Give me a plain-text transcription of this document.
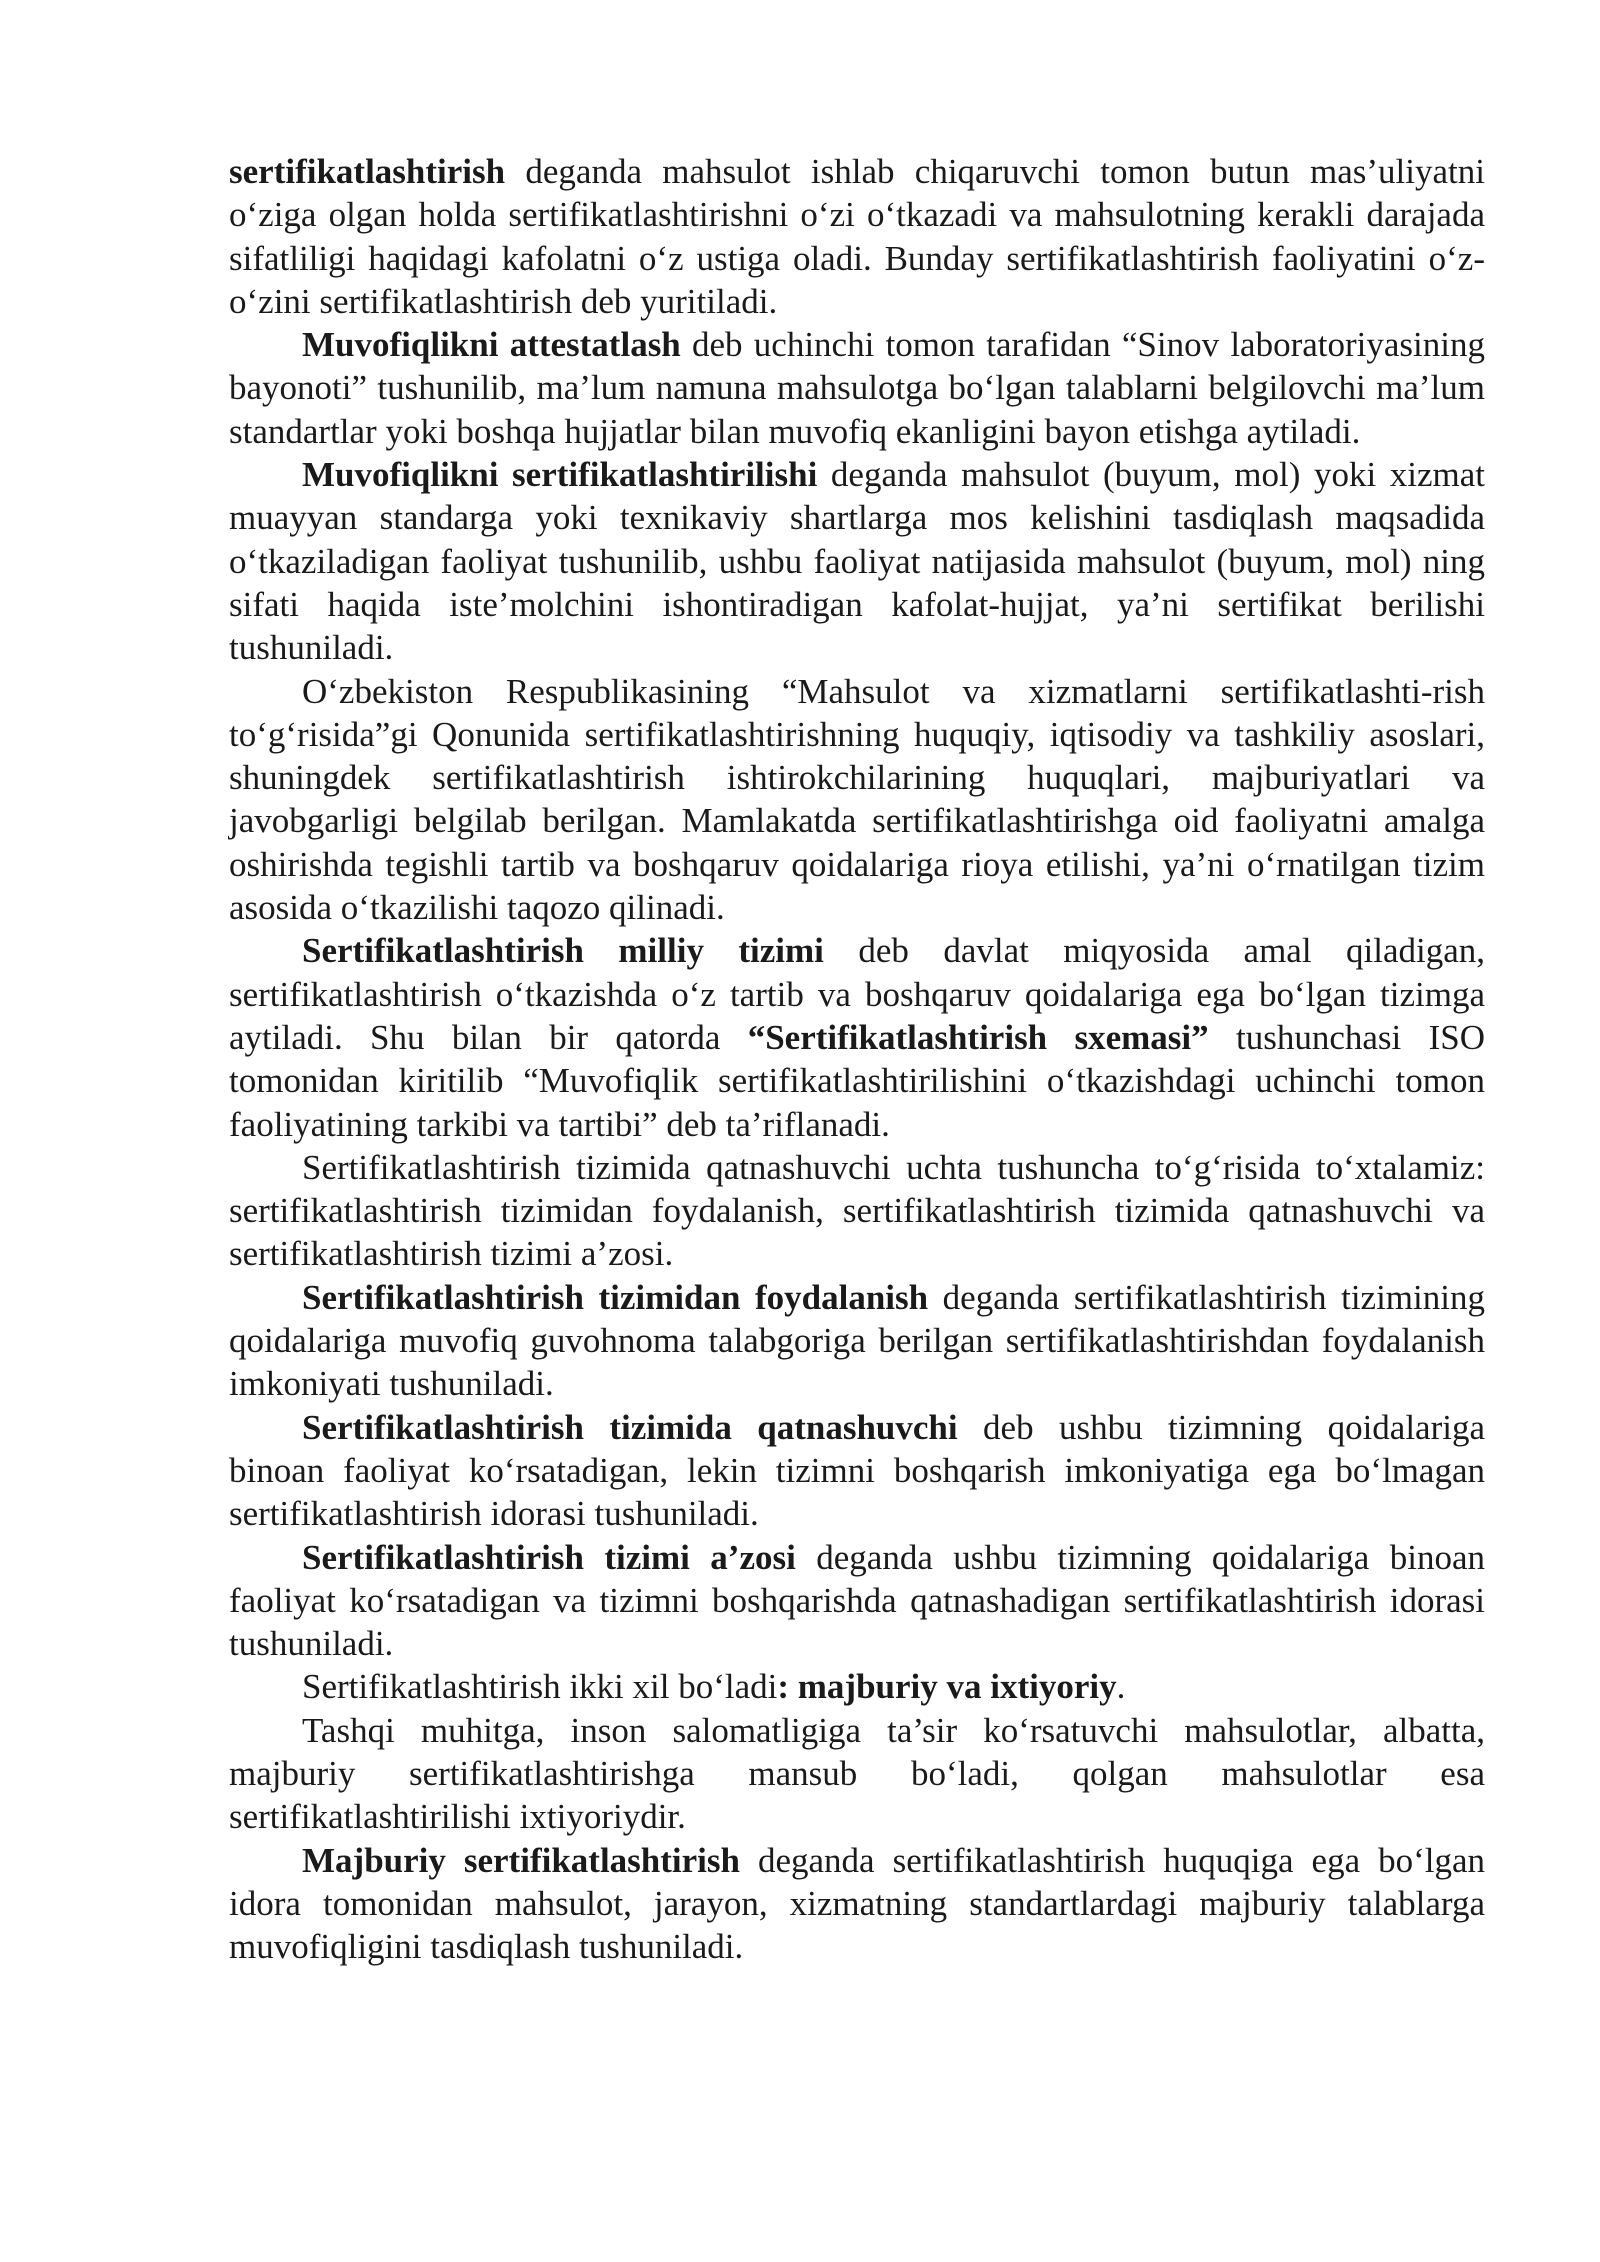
sertifikatlashtirish deganda mahsulot ishlab chiqaruvchi tomon butun mas’uliyatni o‘ziga olgan holda sertifikatlashtirishni o‘zi o‘tkazadi va mahsulotning kerakli darajada sifatliligi haqidagi kafolatni o‘z ustiga oladi. Bunday sertifikatlashtirish faoliyatini o‘z-o‘zini sertifikatlashtirish deb yuritiladi.

Muvofiqlikni attestatlash deb uchinchi tomon tarafidan “Sinov laboratoriyasining bayonoti” tushunilib, ma’lum namuna mahsulotga bo‘lgan talablarni belgilovchi ma’lum standartlar yoki boshqa hujjatlar bilan muvofiq ekanligini bayon etishga aytiladi.

Muvofiqlikni sertifikatlashtirilishi deganda mahsulot (buyum, mol) yoki xizmat muayyan standarga yoki texnikaviy shartlarga mos kelishini tasdiqlash maqsadida o‘tkaziladigan faoliyat tushunilib, ushbu faoliyat natijasida mahsulot (buyum, mol) ning sifati haqida iste’molchini ishontiradigan kafolat-hujjat, ya’ni sertifikat berilishi tushuniladi.

O‘zbekiston Respublikasining “Mahsulot va xizmatlarni sertifikatlashti-rish to‘g‘risida”gi Qonunida sertifikatlashtirishning huquqiy, iqtisodiy va tashkiliy asoslari, shuningdek sertifikatlashtirish ishtirokchilarining huquqlari, majburiyatlari va javobgarligi belgilab berilgan. Mamlakatda sertifikatlashtirishga oid faoliyatni amalga oshirishda tegishli tartib va boshqaruv qoidalariga rioya etilishi, ya’ni o‘rnatilgan tizim asosida o‘tkazilishi taqozo qilinadi.

Sertifikatlashtirish milliy tizimi deb davlat miqyosida amal qiladigan, sertifikatlashtirish o‘tkazishda o‘z tartib va boshqaruv qoidalariga ega bo‘lgan tizimga aytiladi. Shu bilan bir qatorda “Sertifikatlashtirish sxemasi” tushunchasi ISO tomonidan kiritilib “Muvofiqlik sertifikatlashtirilishini o‘tkazishdagi uchinchi tomon faoliyatining tarkibi va tartibi” deb ta’riflanadi.

Sertifikatlashtirish tizimida qatnashuvchi uchta tushuncha to‘g‘risida to‘xtalamiz: sertifikatlashtirish tizimidan foydalanish, sertifikatlashtirish tizimida qatnashuvchi va sertifikatlashtirish tizimi a’zosi.

Sertifikatlashtirish tizimidan foydalanish deganda sertifikatlashtirish tizimining qoidalariga muvofiq guvohnoma talabgoriga berilgan sertifikatlashtirishdan foydalanish imkoniyati tushuniladi.

Sertifikatlashtirish tizimida qatnashuvchi deb ushbu tizimning qoidalariga binoan faoliyat ko‘rsatadigan, lekin tizimni boshqarish imkoniyatiga ega bo‘lmagan sertifikatlashtirish idorasi tushuniladi.

Sertifikatlashtirish tizimi a’zosi deganda ushbu tizimning qoidalariga binoan faoliyat ko‘rsatadigan va tizimni boshqarishda qatnashadigan sertifikatlashtirish idorasi tushuniladi.

Sertifikatlashtirish ikki xil bo‘ladi: majburiy va ixtiyoriy.

Tashqi muhitga, inson salomatligiga ta’sir ko‘rsatuvchi mahsulotlar, albatta, majburiy sertifikatlashtirishga mansub bo‘ladi, qolgan mahsulotlar esa sertifikatlashtirilishi ixtiyoriydir.

Majburiy sertifikatlashtirish deganda sertifikatlashtirish huquqiga ega bo‘lgan idora tomonidan mahsulot, jarayon, xizmatning standartlardagi majburiy talablarga muvofiqligini tasdiqlash tushuniladi.
